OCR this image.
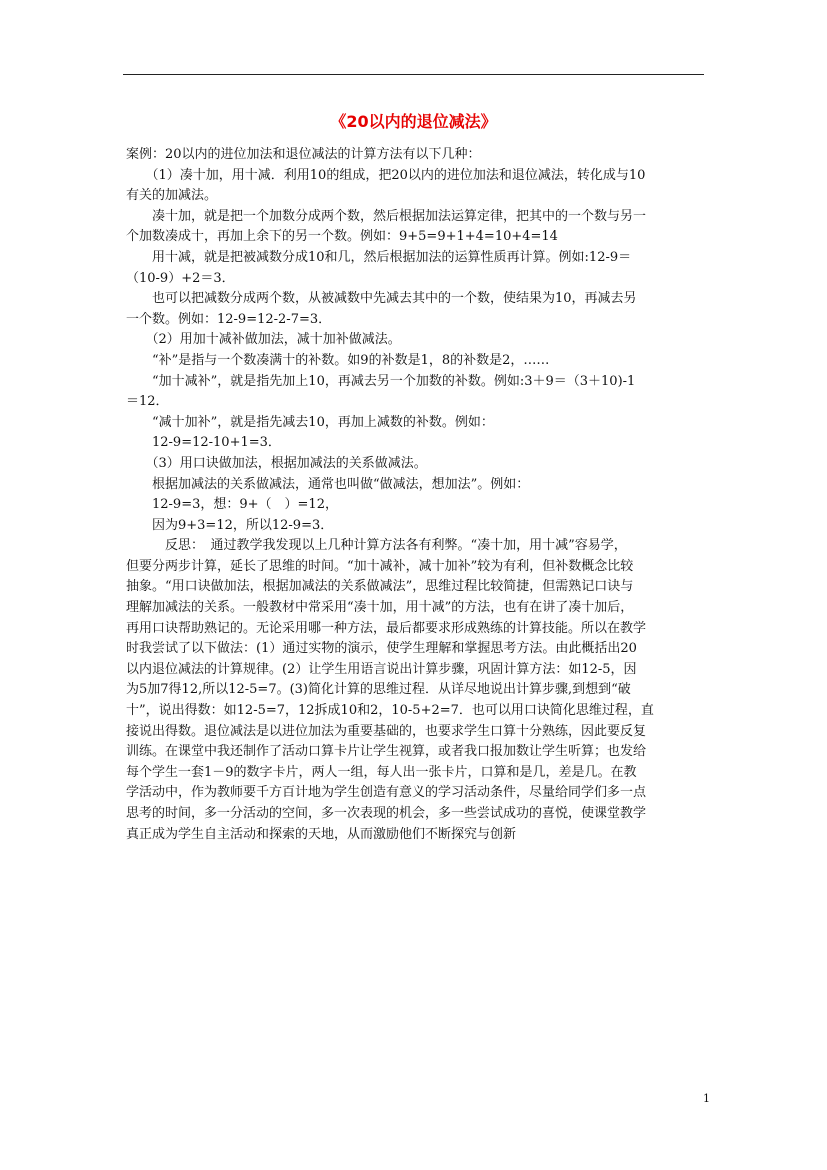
《20以内的退位减法》

案例：20以内的进位加法和退位减法的计算方法有以下几种：

　　（1）凑十加，用十减．利用10的组成，把20以内的进位加法和退位减法，转化成与10

有关的加减法。

　　凑十加，就是把一个加数分成两个数，然后根据加法运算定律，把其中的一个数与另一

个加数凑成十，再加上余下的另一个数。例如：9+5=9+1+4=10+4=14

　　用十减，就是把被减数分成10和几，然后根据加法的运算性质再计算。例如:12-9＝

（10-9）+2＝3．

　　也可以把减数分成两个数，从被减数中先减去其中的一个数，使结果为10，再减去另

一个数。例如：12-9=12-2-7=3．

　　（2）用加十减补做加法，减十加补做减法。

　　“补”是指与一个数凑满十的补数。如9的补数是1，8的补数是2，……

　　“加十减补”，就是指先加上10，再减去另一个加数的补数。例如:3＋9＝（3＋10)-1

＝12．

　　“减十加补”，就是指先减去10，再加上减数的补数。例如：

　　12-9=12-10+1=3．

　　（3）用口诀做加法，根据加减法的关系做减法。

　　根据加减法的关系做减法，通常也叫做“做减法，想加法”。例如：

　　12-9=3，想：9+（　）=12，

　　因为9+3=12，所以12-9=3．

　　　反思：　通过教学我发现以上几种计算方法各有利弊。“凑十加，用十减”容易学，

但要分两步计算，延长了思维的时间。“加十减补，减十加补”较为有利，但补数概念比较

抽象。“用口诀做加法，根据加减法的关系做减法”，思维过程比较简捷，但需熟记口诀与

理解加减法的关系。一般教材中常采用“凑十加，用十减”的方法，也有在讲了凑十加后，

再用口诀帮助熟记的。无论采用哪一种方法，最后都要求形成熟练的计算技能。所以在教学

时我尝试了以下做法：(1）通过实物的演示，使学生理解和掌握思考方法。由此概括出20

以内退位减法的计算规律。(2）让学生用语言说出计算步骤，巩固计算方法：如12-5，因

为5加7得12,所以12-5=7。(3)简化计算的思维过程．从详尽地说出计算步骤,到想到“破

十”，说出得数：如12-5=7，12拆成10和2，10-5+2=7．也可以用口诀简化思维过程，直

接说出得数。退位减法是以进位加法为重要基础的，也要求学生口算十分熟练，因此要反复

训练。在课堂中我还制作了活动口算卡片让学生视算，或者我口报加数让学生听算；也发给

每个学生一套1－9的数字卡片，两人一组，每人出一张卡片，口算和是几，差是几。在教

学活动中，作为教师要千方百计地为学生创造有意义的学习活动条件，尽量给同学们多一点

思考的时间，多一分活动的空间，多一次表现的机会，多一些尝试成功的喜悦，使课堂教学

真正成为学生自主活动和探索的天地，从而激励他们不断探究与创新

1
